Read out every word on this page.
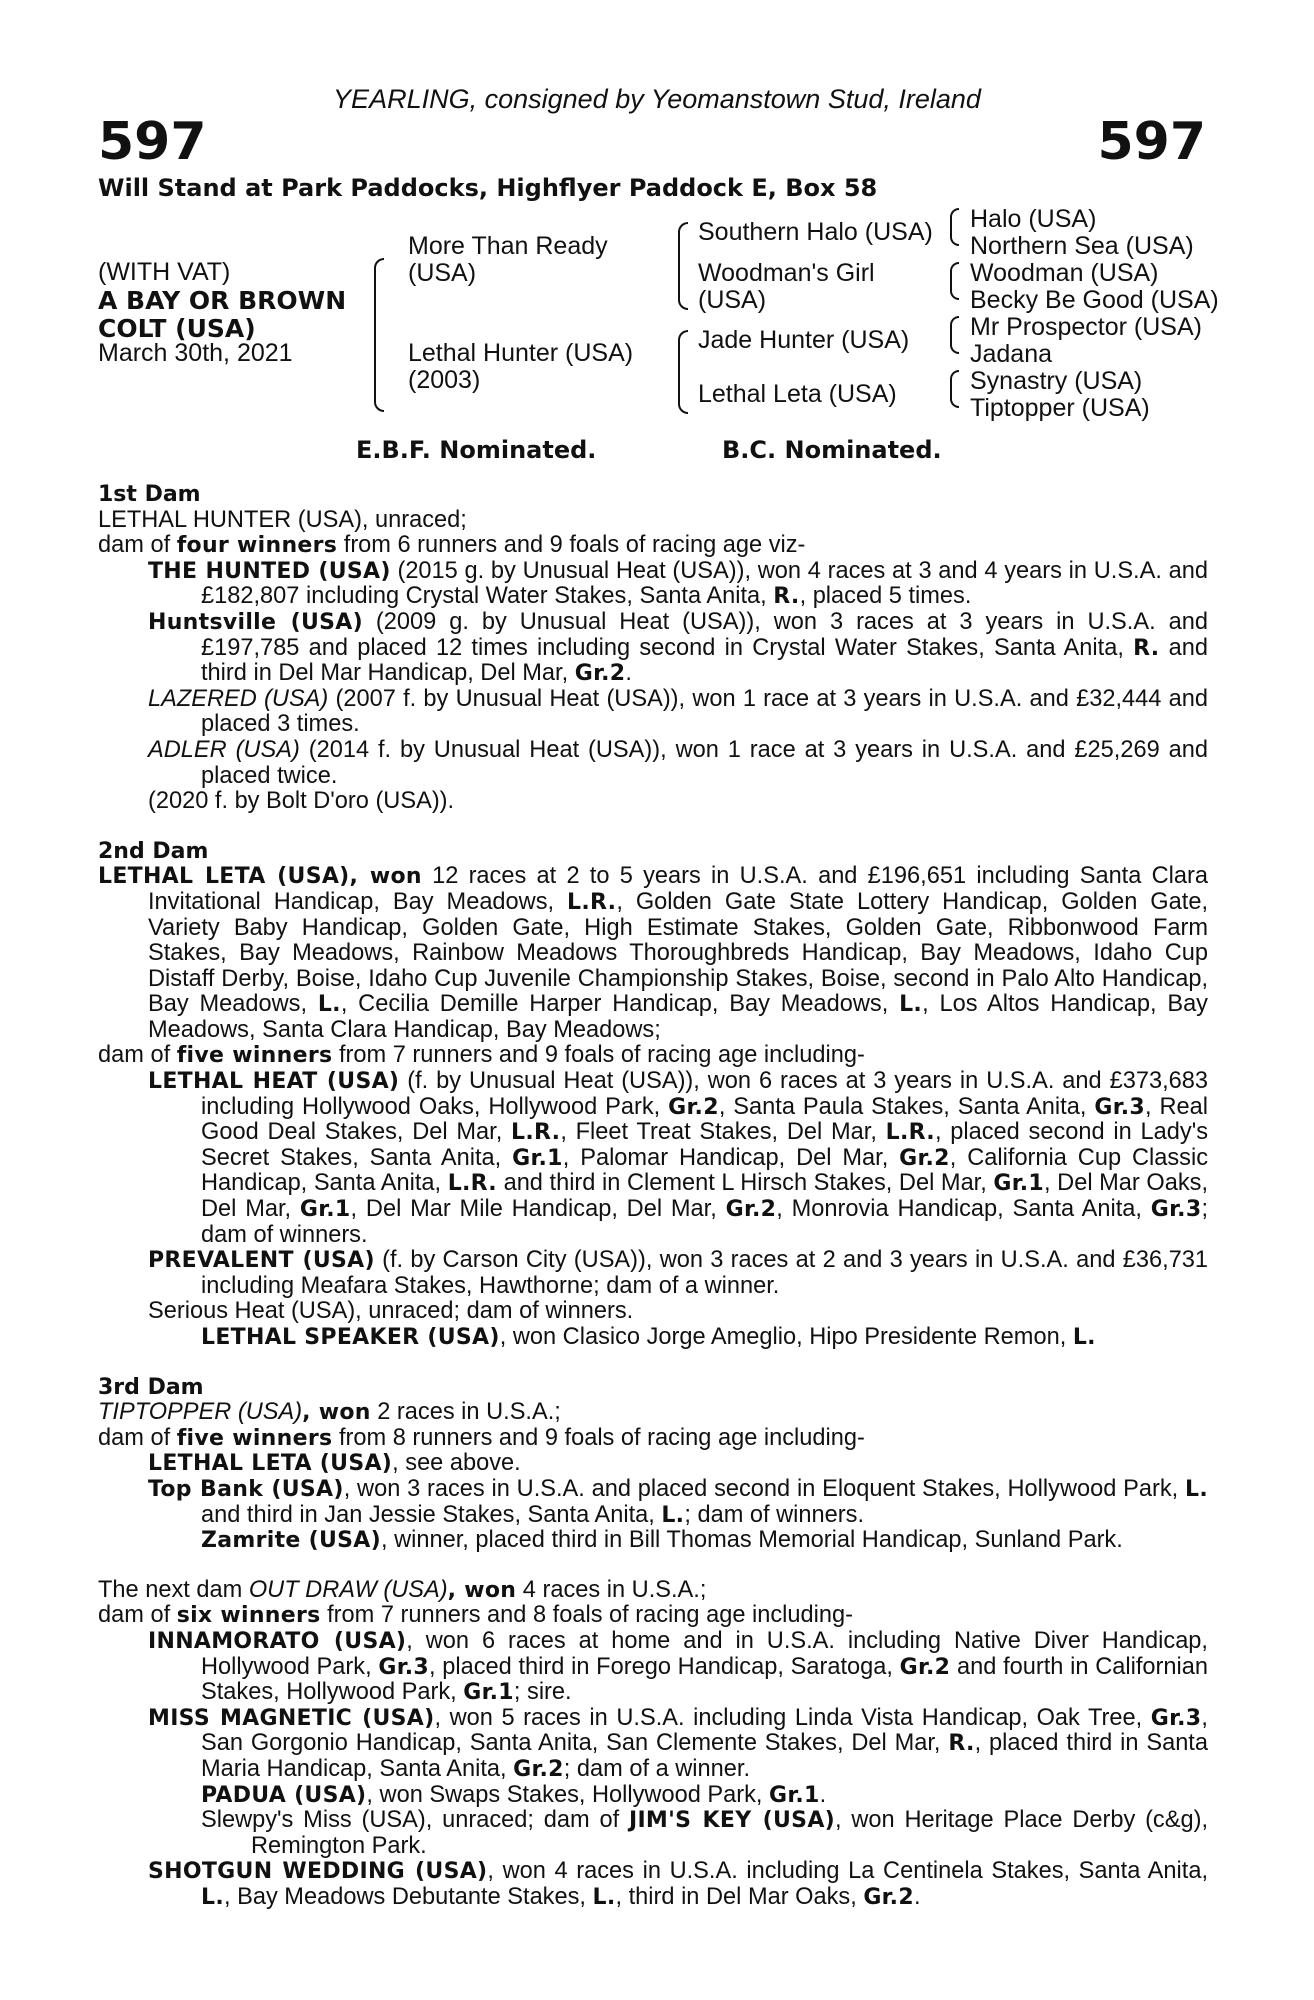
YEARLING, consigned by Yeomanstown Stud, Ireland
597	597
Will Stand at Park Paddocks, Highflyer Paddock E, Box 58
(WITH VAT)
A BAY OR BROWN
COLT (USA)
March 30th, 2021
More Than Ready
(USA)
Lethal Hunter (USA)
(2003)
Southern Halo (USA)
Woodman's Girl
(USA)
Jade Hunter (USA)
Lethal Leta (USA)
Halo (USA)
Northern Sea (USA)
Woodman (USA)
Becky Be Good (USA)
Mr Prospector (USA)
Jadana
Synastry (USA)
Tiptopper (USA)
E.B.F. Nominated.	B.C. Nominated.
1st Dam
LETHAL HUNTER (USA), unraced;
dam of four winners from 6 runners and 9 foals of racing age viz-
THE HUNTED (USA) (2015 g. by Unusual Heat (USA)), won 4 races at 3 and 4 years in U.S.A. and £182,807 including Crystal Water Stakes, Santa Anita, R., placed 5 times.
Huntsville (USA) (2009 g. by Unusual Heat (USA)), won 3 races at 3 years in U.S.A. and £197,785 and placed 12 times including second in Crystal Water Stakes, Santa Anita, R. and third in Del Mar Handicap, Del Mar, Gr.2.
LAZERED (USA) (2007 f. by Unusual Heat (USA)), won 1 race at 3 years in U.S.A. and £32,444 and placed 3 times.
ADLER (USA) (2014 f. by Unusual Heat (USA)), won 1 race at 3 years in U.S.A. and £25,269 and placed twice.
(2020 f. by Bolt D'oro (USA)).
2nd Dam
LETHAL LETA (USA), won 12 races at 2 to 5 years in U.S.A. and £196,651 including Santa Clara Invitational Handicap, Bay Meadows, L.R., Golden Gate State Lottery Handicap, Golden Gate, Variety Baby Handicap, Golden Gate, High Estimate Stakes, Golden Gate, Ribbonwood Farm Stakes, Bay Meadows, Rainbow Meadows Thoroughbreds Handicap, Bay Meadows, Idaho Cup Distaff Derby, Boise, Idaho Cup Juvenile Championship Stakes, Boise, second in Palo Alto Handicap, Bay Meadows, L., Cecilia Demille Harper Handicap, Bay Meadows, L., Los Altos Handicap, Bay Meadows, Santa Clara Handicap, Bay Meadows;
dam of five winners from 7 runners and 9 foals of racing age including-
LETHAL HEAT (USA) (f. by Unusual Heat (USA)), won 6 races at 3 years in U.S.A. and £373,683 including Hollywood Oaks, Hollywood Park, Gr.2, Santa Paula Stakes, Santa Anita, Gr.3, Real Good Deal Stakes, Del Mar, L.R., Fleet Treat Stakes, Del Mar, L.R., placed second in Lady's Secret Stakes, Santa Anita, Gr.1, Palomar Handicap, Del Mar, Gr.2, California Cup Classic Handicap, Santa Anita, L.R. and third in Clement L Hirsch Stakes, Del Mar, Gr.1, Del Mar Oaks, Del Mar, Gr.1, Del Mar Mile Handicap, Del Mar, Gr.2, Monrovia Handicap, Santa Anita, Gr.3; dam of winners.
PREVALENT (USA) (f. by Carson City (USA)), won 3 races at 2 and 3 years in U.S.A. and £36,731 including Meafara Stakes, Hawthorne; dam of a winner.
Serious Heat (USA), unraced; dam of winners.
LETHAL SPEAKER (USA), won Clasico Jorge Ameglio, Hipo Presidente Remon, L.
3rd Dam
TIPTOPPER (USA), won 2 races in U.S.A.;
dam of five winners from 8 runners and 9 foals of racing age including-
LETHAL LETA (USA), see above.
Top Bank (USA), won 3 races in U.S.A. and placed second in Eloquent Stakes, Hollywood Park, L. and third in Jan Jessie Stakes, Santa Anita, L.; dam of winners.
Zamrite (USA), winner, placed third in Bill Thomas Memorial Handicap, Sunland Park.
The next dam OUT DRAW (USA), won 4 races in U.S.A.;
dam of six winners from 7 runners and 8 foals of racing age including-
INNAMORATO (USA), won 6 races at home and in U.S.A. including Native Diver Handicap, Hollywood Park, Gr.3, placed third in Forego Handicap, Saratoga, Gr.2 and fourth in Californian Stakes, Hollywood Park, Gr.1; sire.
MISS MAGNETIC (USA), won 5 races in U.S.A. including Linda Vista Handicap, Oak Tree, Gr.3, San Gorgonio Handicap, Santa Anita, San Clemente Stakes, Del Mar, R., placed third in Santa Maria Handicap, Santa Anita, Gr.2; dam of a winner.
PADUA (USA), won Swaps Stakes, Hollywood Park, Gr.1.
Slewpy's Miss (USA), unraced; dam of JIM'S KEY (USA), won Heritage Place Derby (c&g), Remington Park.
SHOTGUN WEDDING (USA), won 4 races in U.S.A. including La Centinela Stakes, Santa Anita, L., Bay Meadows Debutante Stakes, L., third in Del Mar Oaks, Gr.2.
